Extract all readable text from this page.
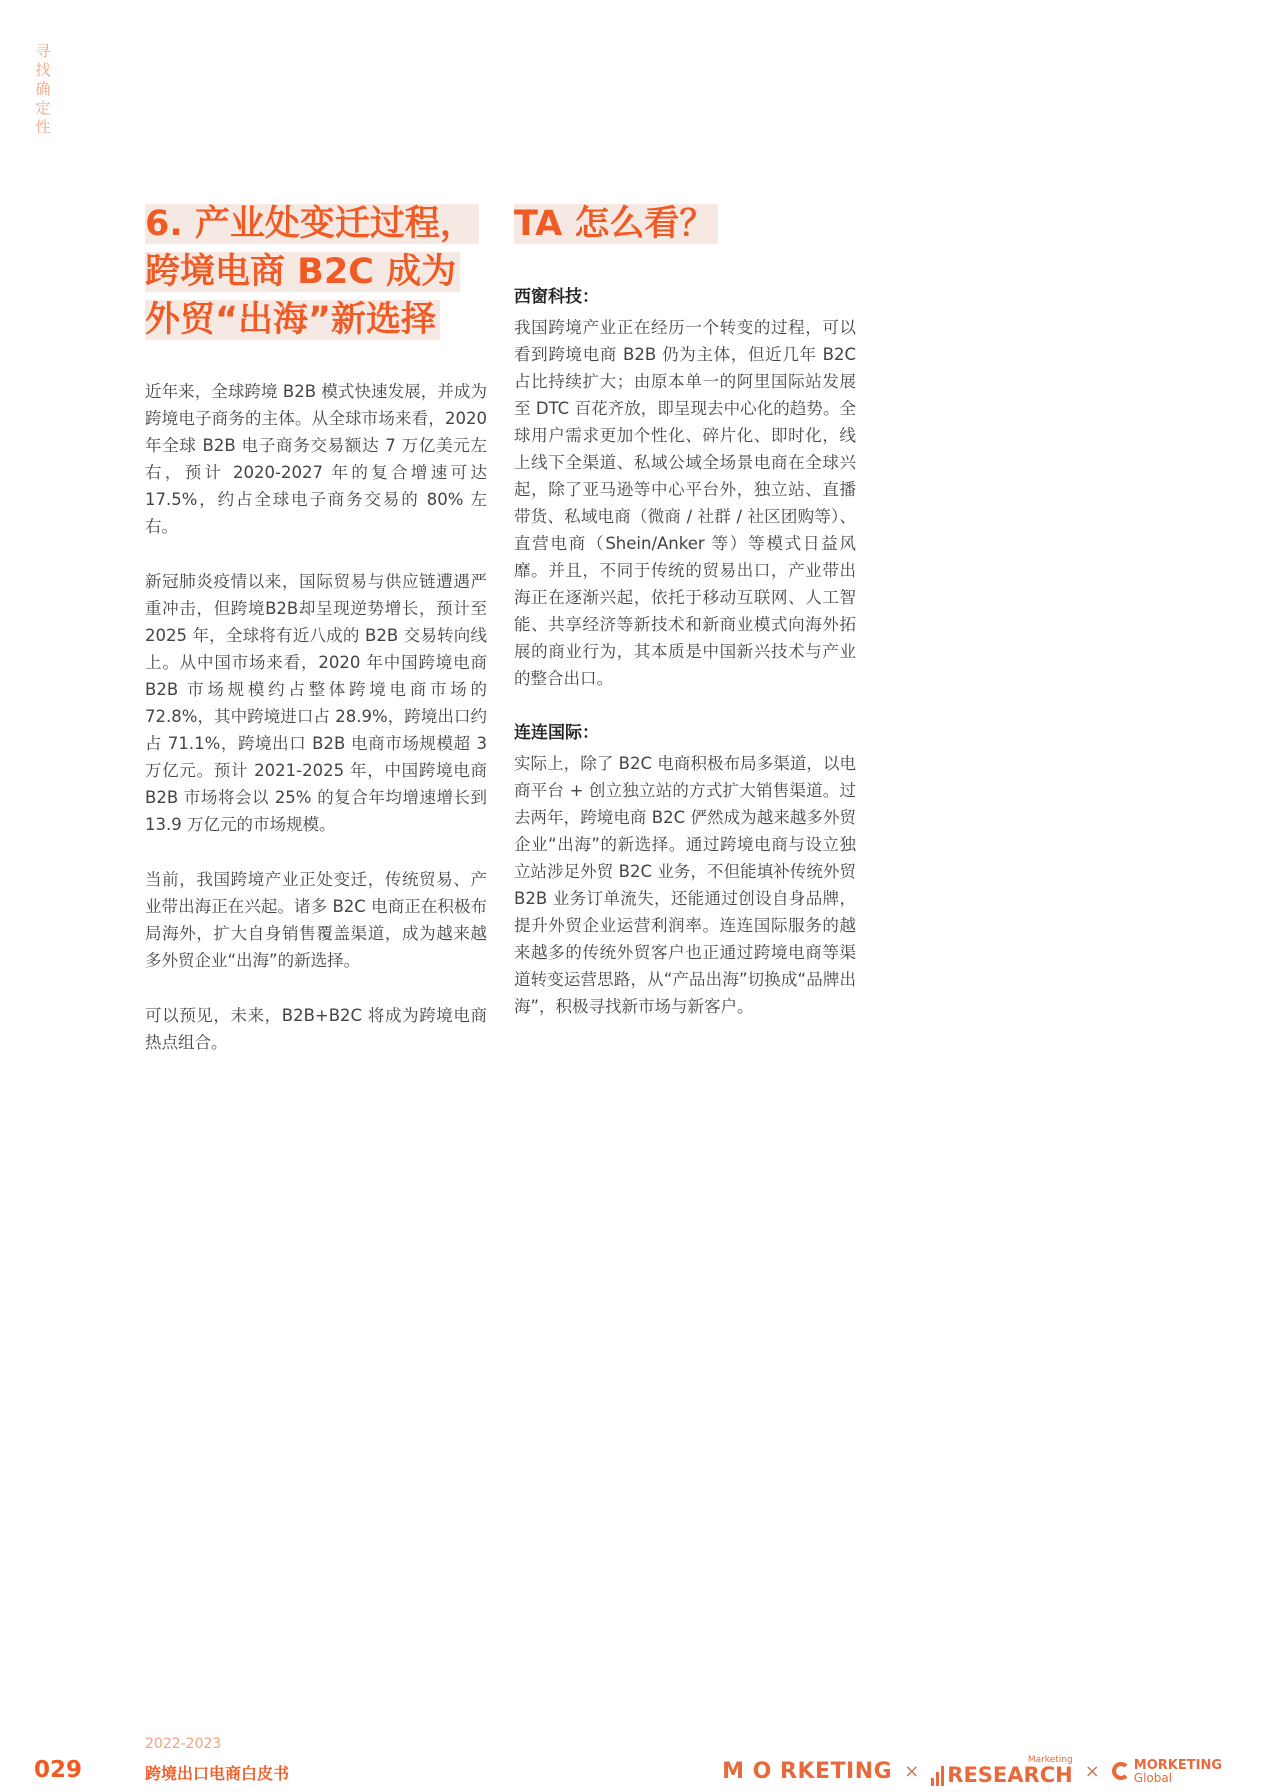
寻找确定性
6. 产业处变迁过程，
跨境电商 B2C 成为
外贸“出海”新选择

近年来，全球跨境 B2B 模式快速发展，并成为跨境电子商务的主体。从全球市场来看，2020 年全球 B2B 电子商务交易额达 7 万亿美元左右，预计 2020-2027 年的复合增速可达 17.5%，约占全球电子商务交易的 80% 左右。

新冠肺炎疫情以来，国际贸易与供应链遭遇严重冲击，但跨境B2B却呈现逆势增长，预计至 2025 年，全球将有近八成的 B2B 交易转向线上。从中国市场来看，2020 年中国跨境电商 B2B 市场规模约占整体跨境电商市场的 72.8%，其中跨境进口占 28.9%，跨境出口约占 71.1%，跨境出口 B2B 电商市场规模超 3 万亿元。预计 2021-2025 年，中国跨境电商 B2B 市场将会以 25% 的复合年均增速增长到 13.9 万亿元的市场规模。

当前，我国跨境产业正处变迁，传统贸易、产业带出海正在兴起。诸多 B2C 电商正在积极布局海外，扩大自身销售覆盖渠道，成为越来越多外贸企业“出海”的新选择。

可以预见，未来，B2B+B2C 将成为跨境电商热点组合。

TA 怎么看？
西窗科技：

我国跨境产业正在经历一个转变的过程，可以看到跨境电商 B2B 仍为主体，但近几年 B2C 占比持续扩大；由原本单一的阿里国际站发展至 DTC 百花齐放，即呈现去中心化的趋势。全球用户需求更加个性化、碎片化、即时化，线上线下全渠道、私域公域全场景电商在全球兴起，除了亚马逊等中心平台外，独立站、直播带货、私域电商（微商 / 社群 / 社区团购等）、直营电商（Shein/Anker 等）等模式日益风靡。并且，不同于传统的贸易出口，产业带出海正在逐渐兴起，依托于移动互联网、人工智能、共享经济等新技术和新商业模式向海外拓展的商业行为，其本质是中国新兴技术与产业的整合出口。

连连国际：

实际上，除了 B2C 电商积极布局多渠道，以电商平台 + 创立独立站的方式扩大销售渠道。过去两年，跨境电商 B2C 俨然成为越来越多外贸企业“出海”的新选择。通过跨境电商与设立独立站涉足外贸 B2C 业务，不但能填补传统外贸 B2B 业务订单流失，还能通过创设自身品牌，提升外贸企业运营利润率。连连国际服务的越来越多的传统外贸客户也正通过跨境电商等渠道转变运营思路，从“产品出海”切换成“品牌出海”，积极寻找新市场与新客户。

029
2022-2023
跨境出口电商白皮书	M O RKETING ×
Marketing
RESEARCH ×	MORKETING
Global
